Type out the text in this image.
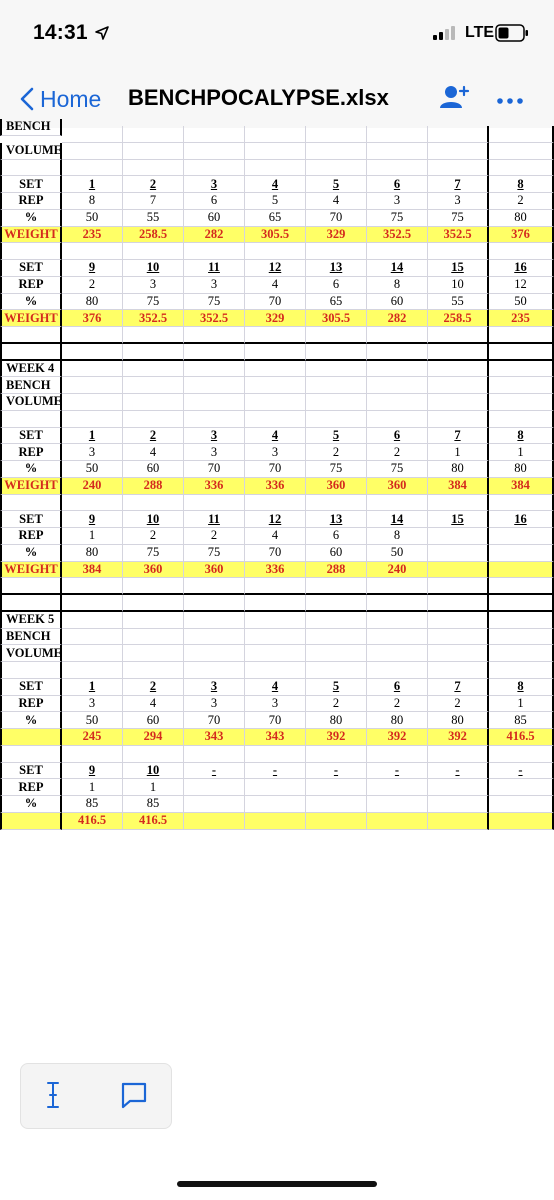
14:31	LTE
Home BENCHPOCALYPSE.xlsx
BENCH
VOLUME
SET	1	2	3	4	5	6	7	8
REP	8	7	6	5	4	3	3	2
%	50	55	60	65	70	75	75	80
WEIGHT	235	258.5	282	305.5	329	352.5	352.5	376
SET	9	10	11	12	13	14	15	16
REP	2	3	3	4	6	8	10	12
%	80	75	75	70	65	60	55	50
WEIGHT	376	352.5	352.5	329	305.5	282	258.5	235
WEEK 4
BENCH
VOLUME
SET	1	2	3	4	5	6	7	8
REP	3	4	3	3	2	2	1	1
%	50	60	70	70	75	75	80	80
WEIGHT	240	288	336	336	360	360	384	384
SET	9	10	11	12	13	14	15	16
REP	1	2	2	4	6	8
%	80	75	75	70	60	50
WEIGHT	384	360	360	336	288	240
WEEK 5
BENCH
VOLUME
SET	1	2	3	4	5	6	7	8
REP	3	4	3	3	2	2	2	1
%	50	60	70	70	80	80	80	85
245	294	343	343	392	392	392	416.5
SET	9	10	-	-	-	-	-	-
REP	1	1
%	85	85
416.5	416.5
